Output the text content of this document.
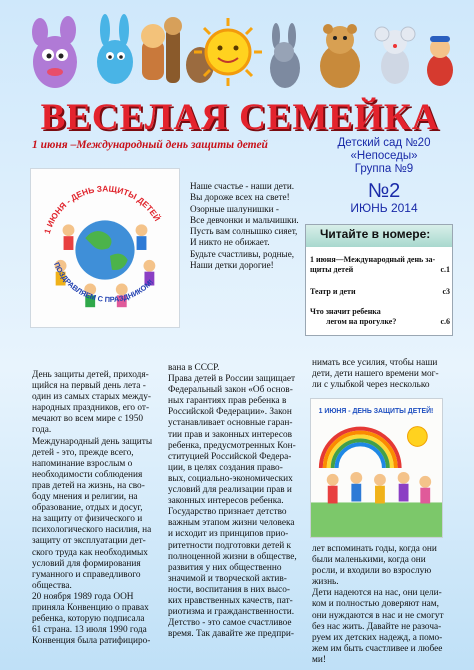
ВЕСЕЛАЯ СЕМЕЙКА
1 июня –Международный день защиты детей	Детский сад №20
«Непоседы»
Группа №9
№2
ИЮНЬ 2014
1 ИЮНЯ - ДЕНЬ ЗАЩИТЫ ДЕТЕЙ
ПОЗДРАВЛЯЕМ С ПРАЗДНИКОМ!
Наше счастье - наши дети.
Вы дороже всех на свете!
Озорные шалунишки -
Все девчонки и мальчишки.
Пусть вам солнышко сияет,
И никто не обижает.
Будьте счастливы, родные,
Наши детки дорогие!
Читайте в номере:
1 июня—Международный день за-
щиты детей	с.1
Театр и дети	с3
Что значит ребенка
легом на прогулке?	с.6
День защиты детей, приходя-
щийся на первый день лета -
один из самых старых между-
народных праздников, его от-
мечают во всем мире с 1950
года.
Международный день защиты
детей - это, прежде всего,
напоминание взрослым о
необходимости соблюдения
прав детей на жизнь, на сво-
боду мнения и религии, на
образование, отдых и досуг,
на защиту от физического и
психологического насилия, на
защиту от эксплуатации дет-
ского труда как необходимых
условий для формирования
гуманного и справедливого
общества.
20 ноября 1989 года ООН
приняла Конвенцию о правах
ребенка, которую подписала
61 страна. 13 июля 1990 года
Конвенция была ратифициро-
вана в СССР.
Права детей в России защищает
Федеральный закон «Об основ-
ных гарантиях прав ребенка в
Российской Федерации». Закон
устанавливает основные гаран-
тии прав и законных интересов
ребенка, предусмотренных Кон-
ституцией Российской Федера-
ции, в целях создания право-
вых, социально-экономических
условий для реализации прав и
законных интересов ребенка.
Государство признает детство
важным этапом жизни человека
и исходит из принципов прио-
ритетности подготовки детей к
полноценной жизни в обществе,
развития у них общественно
значимой и творческой актив-
ности, воспитания в них высо-
ких нравственных качеств, пат-
риотизма и гражданственности.
Детство - это самое счастливое
время. Так давайте же предпри-
нимать все усилия, чтобы наши
дети, дети нашего времени мог-
ли с улыбкой через несколько
1 ИЮНЯ - ДЕНЬ ЗАЩИТЫ ДЕТЕЙ!
лет вспоминать годы, когда они
были маленькими, когда они
росли, и входили во взрослую
жизнь.
Дети надеются на нас, они цели-
ком и полностью доверяют нам,
они нуждаются в нас и не смогут
без нас жить. Давайте не разоча-
руем их детских надежд, а помо-
жем им быть счастливее и любее
ми!
